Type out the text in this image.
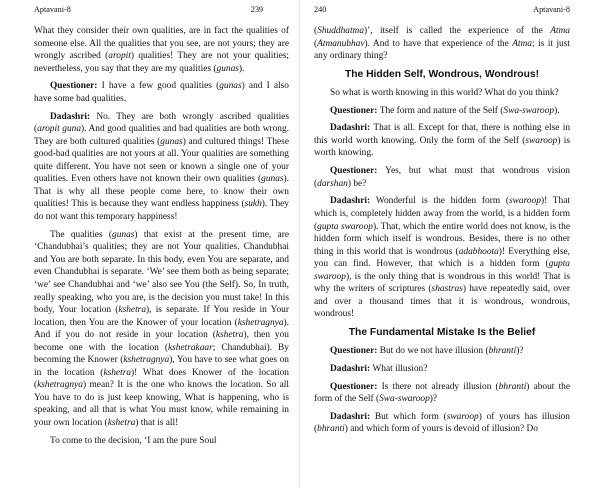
Aptavani-8	239
What they consider their own qualities, are in fact the qualities of someone else. All the qualities that you see, are not yours; they are wrongly ascribed (aropit) qualities! They are not your qualities; nevertheless, you say that they are my qualities (gunas).
Questioner: I have a few good qualities (gunas) and I also have some bad qualities.
Dadashri: No. They are both wrongly ascribed qualities (aropit guna). And good qualities and bad qualities are both wrong. They are both cultured qualities (gunas) and cultured things! These good-bad qualities are not yours at all. Your qualities are something quite different. You have not seen or known a single one of your qualities. Even others have not known their own qualities (gunas). That is why all these people come here, to know their own qualities! This is because they want endless happiness (sukh). They do not want this temporary happiness!
The qualities (gunas) that exist at the present time, are ‘Chandubhai’s qualities; they are not Your qualities. Chandubhai and You are both separate. In this body, even You are separate, and even Chandubhai is separate. ‘We’ see them both as being separate; ‘we’ see Chandubhai and ‘we’ also see You (the Self). So, In truth, really speaking, who you are, is the decision you must take! In this body, Your location (kshetra), is separate. If You reside in Your location, then You are the Knower of your location (kshetragnya). And if you do not reside in your location (kshetra), then you become one with the location (kshetrakaar; Chandubhai). By becoming the Knower (kshetragnya), You have to see what goes on in the location (kshetra)! What does Knower of the location (kshetragnya) mean? It is the one who knows the location. So all You have to do is just keep knowing, What is happening, who is speaking, and all that is what You must know, while remaining in your own location (kshetra) that is all!
To come to the decision, ‘I am the pure Soul
240	Aptavani-8
(Shuddhatma)’, itself is called the experience of the Atma (Atmanubhav). And to have that experience of the Atma; is it just any ordinary thing?
The Hidden Self, Wondrous, Wondrous!
So what is worth knowing in this world? What do you think?
Questioner: The form and nature of the Self (Swa-swaroop).
Dadashri: That is all. Except for that, there is nothing else in this world worth knowing. Only the form of the Self (swaroop) is worth knowing.
Questioner: Yes, but what must that wondrous vision (darshan) be?
Dadashri: Wonderful is the hidden form (swaroop)! That which is, completely hidden away from the world, is a hidden form (gupta swaroop). That, which the entire world does not know, is the hidden form which itself is wondrous. Besides, there is no other thing in this world that is wondrous (adabhoota)! Everything else, you can find. However, that which is a hidden form (gupta swaroop), is the only thing that is wondrous in this world! That is why the writers of scriptures (shastras) have repeatedly said, over and over a thousand times that it is wondrous, wondrous, wondrous!
The Fundamental Mistake Is the Belief
Questioner: But do we not have illusion (bhranti)?
Dadashri: What illusion?
Questioner: Is there not already illusion (bhranti) about the form of the Self (Swa-swaroop)?
Dadashri: But which form (swaroop) of yours has illusion (bhranti) and which form of yours is devoid of illusion? Do
